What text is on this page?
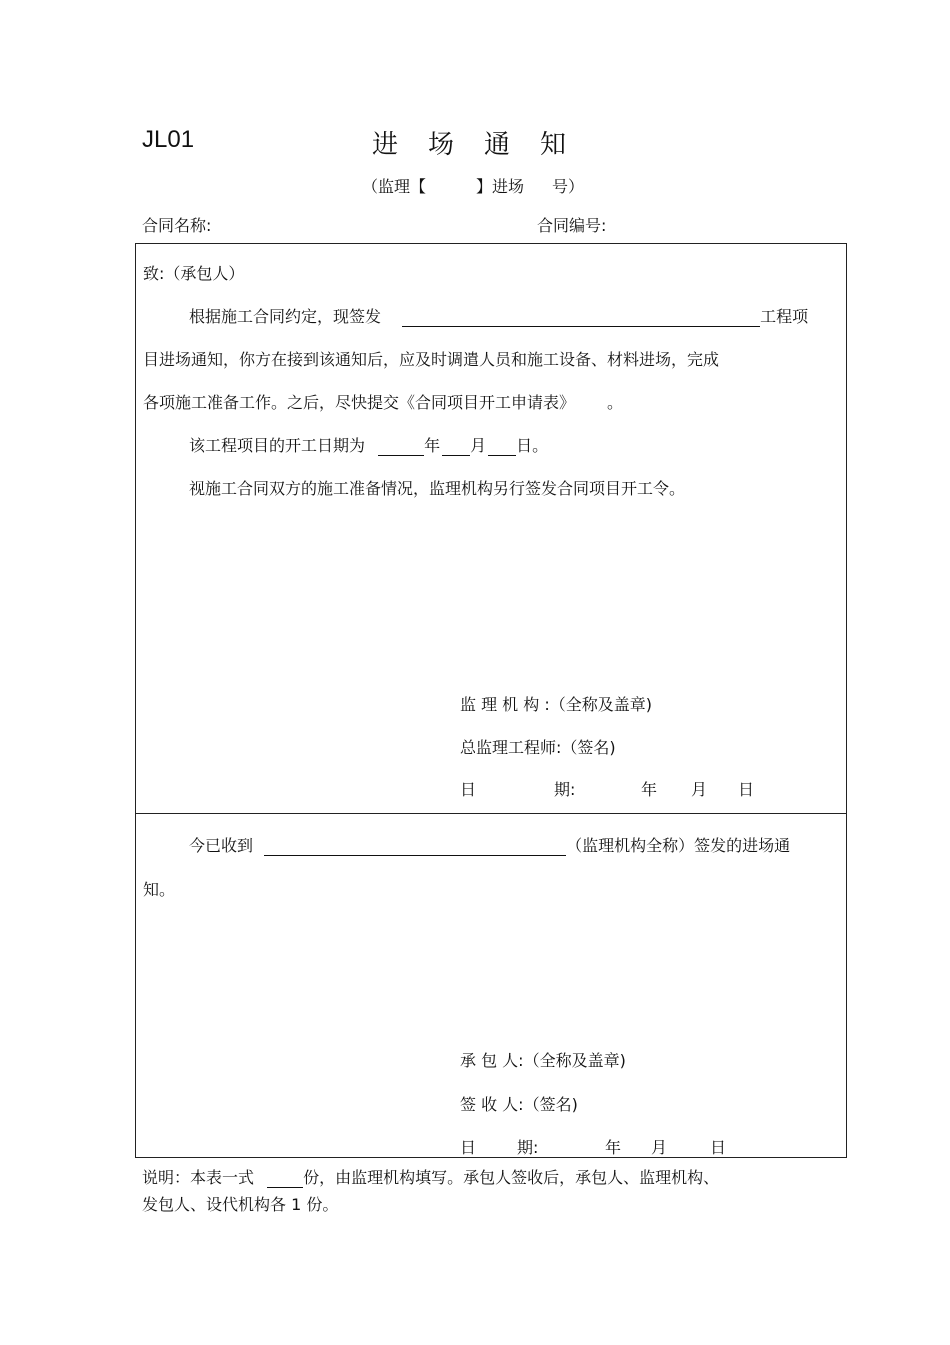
JL01	进场通知
（监理【	】进场 号）
合同名称:	合同编号:
致:（承包人）
根据施工合同约定，现签发	工程项
目进场通知，你方在接到该通知后，应及时调遣人员和施工设备、材料进场，完成
各项施工准备工作。之后，尽快提交《合同项目开工申请表》 。
该工程项目的开工日期为	年 月 日。
视施工合同双方的施工准备情况，监理机构另行签发合同项目开工令。
监 理 机 构 :（全称及盖章)
总监理工程师:（签名)
日	期:	年 月 日
今已收到	（监理机构全称）签发的进场通
知。
承 包 人:（全称及盖章)
签 收 人:（签名)
日	期:	年 月	日
说明：本表一式	份，由监理机构填写。承包人签收后，承包人、监理机构、
发包人、设代机构各 1 份。
